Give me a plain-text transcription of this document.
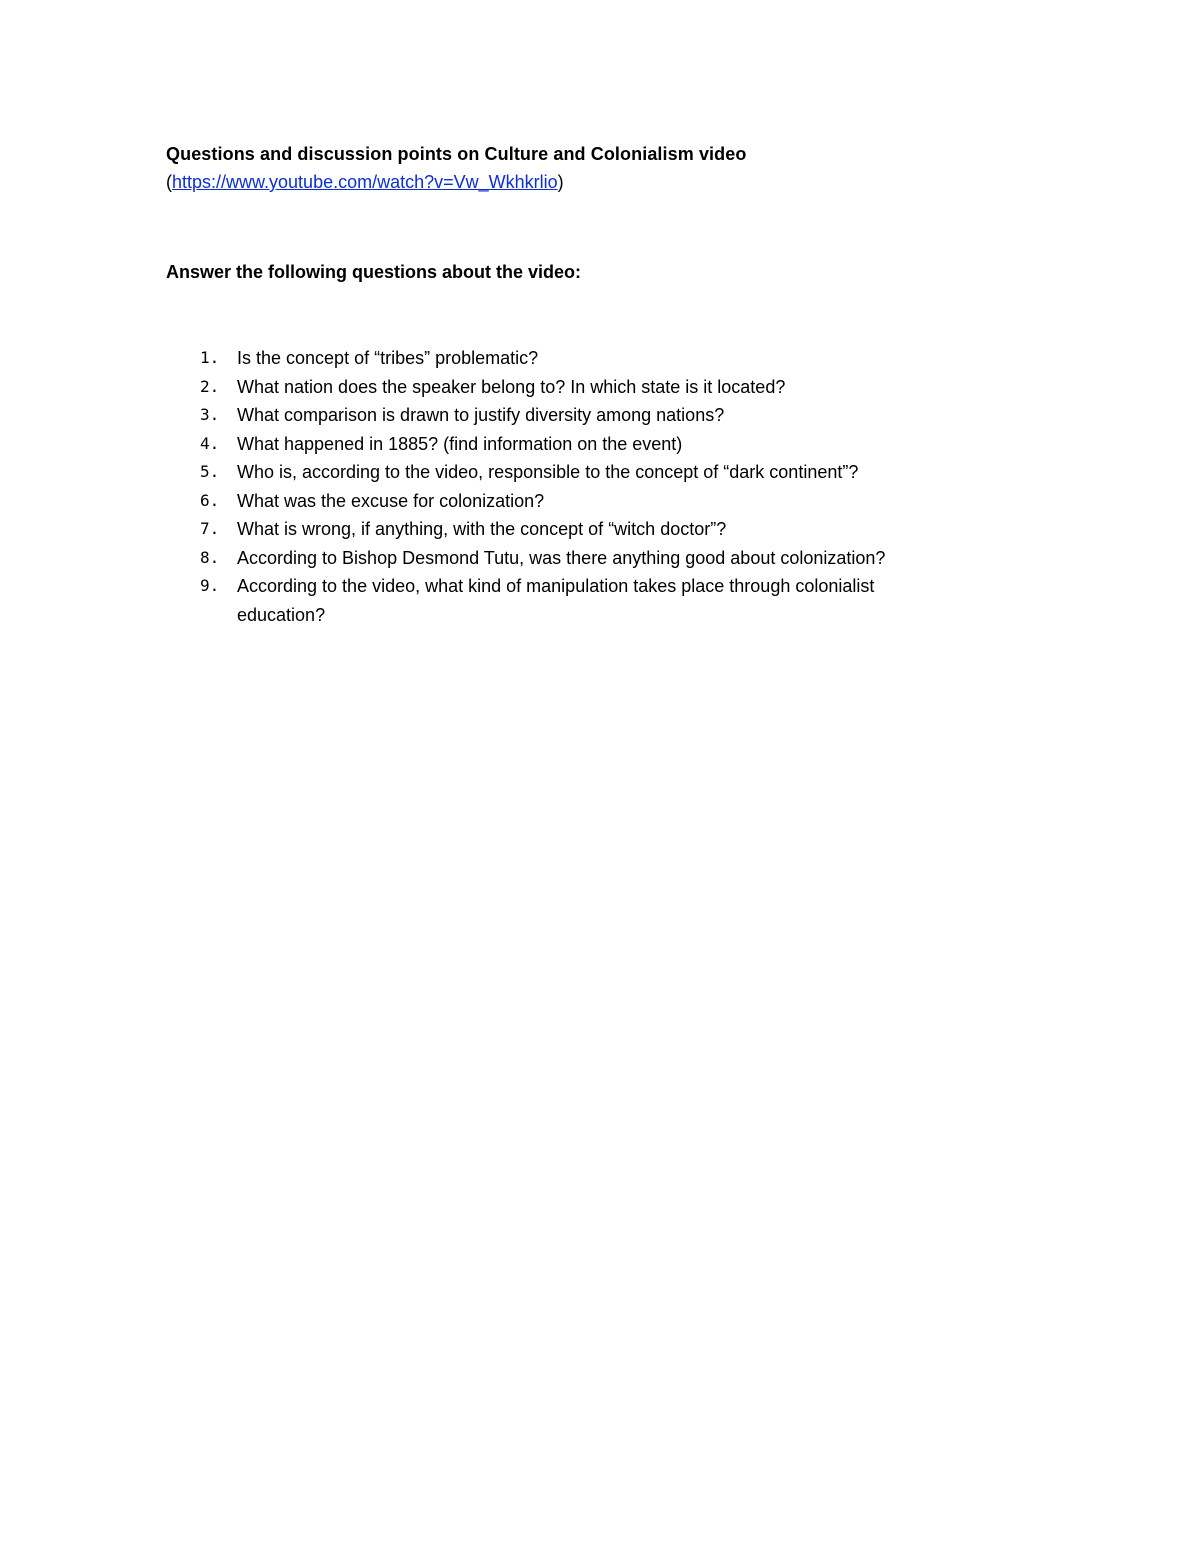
Questions and discussion points on Culture and Colonialism video

(https://www.youtube.com/watch?v=Vw_Wkhkrlio)

Answer the following questions about the video:

1. Is the concept of “tribes” problematic?
2. What nation does the speaker belong to? In which state is it located?
3. What comparison is drawn to justify diversity among nations?
4. What happened in 1885? (find information on the event)
5. Who is, according to the video, responsible to the concept of “dark continent”?
6. What was the excuse for colonization?
7. What is wrong, if anything, with the concept of “witch doctor”?
8. According to Bishop Desmond Tutu, was there anything good about colonization?
9. According to the video, what kind of manipulation takes place through colonialist education?
